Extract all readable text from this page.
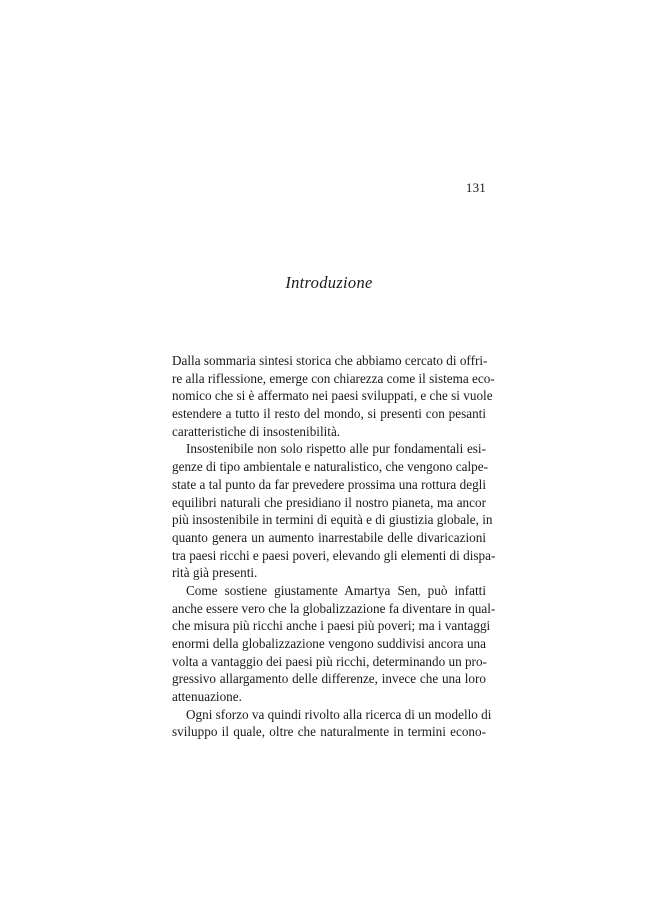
131
Introduzione
Dalla sommaria sintesi storica che abbiamo cercato di offri-
re alla riflessione, emerge con chiarezza come il sistema eco-
nomico che si è affermato nei paesi sviluppati, e che si vuole
estendere a tutto il resto del mondo, si presenti con pesanti
caratteristiche di insostenibilità.
Insostenibile non solo rispetto alle pur fondamentali esi-
genze di tipo ambientale e naturalistico, che vengono calpe-
state a tal punto da far prevedere prossima una rottura degli
equilibri naturali che presidiano il nostro pianeta, ma ancor
più insostenibile in termini di equità e di giustizia globale, in
quanto genera un aumento inarrestabile delle divaricazioni
tra paesi ricchi e paesi poveri, elevando gli elementi di dispa-
rità già presenti.
Come sostiene giustamente Amartya Sen, può infatti
anche essere vero che la globalizzazione fa diventare in qual-
che misura più ricchi anche i paesi più poveri; ma i vantaggi
enormi della globalizzazione vengono suddivisi ancora una
volta a vantaggio dei paesi più ricchi, determinando un pro-
gressivo allargamento delle differenze, invece che una loro
attenuazione.
Ogni sforzo va quindi rivolto alla ricerca di un modello di
sviluppo il quale, oltre che naturalmente in termini econo-
